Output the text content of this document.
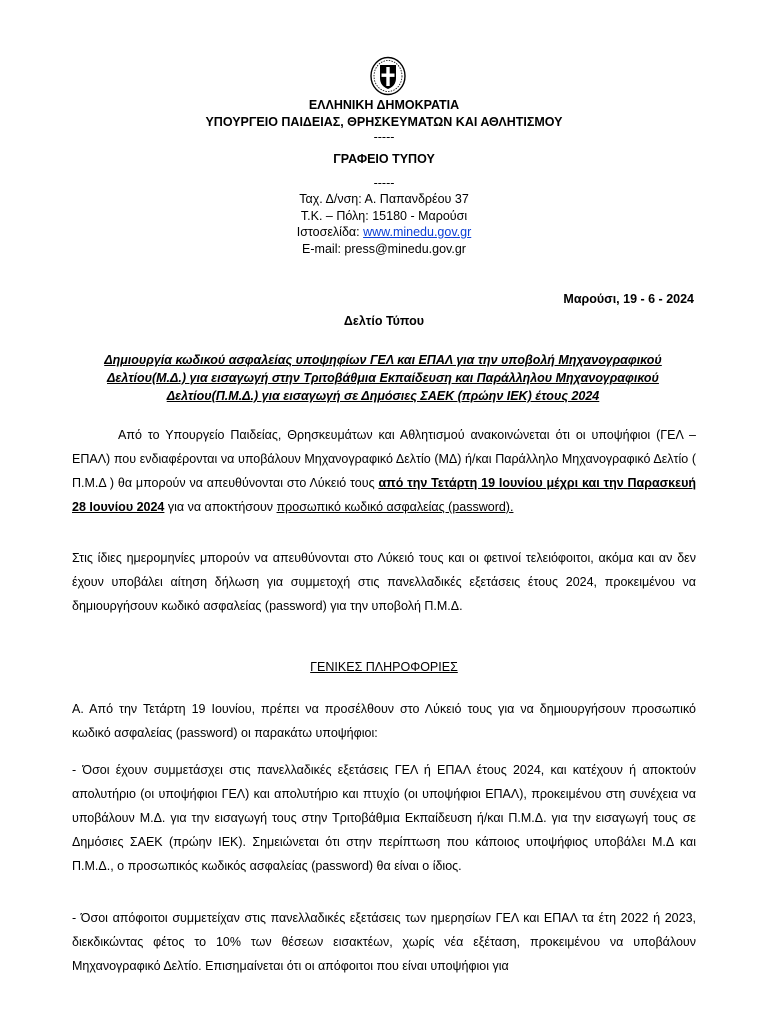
ΕΛΛΗΝΙΚΗ ΔΗΜΟΚΡΑΤΙΑ
ΥΠΟΥΡΓΕΙΟ ΠΑΙΔΕΙΑΣ, ΘΡΗΣΚΕΥΜΑΤΩΝ ΚΑΙ ΑΘΛΗΤΙΣΜΟΥ
-----
ΓΡΑΦΕΙΟ ΤΥΠΟΥ
-----
Ταχ. Δ/νση: Α. Παπανδρέου 37
Τ.Κ. – Πόλη: 15180 - Μαρούσι
Ιστοσελίδα: www.minedu.gov.gr
E-mail: press@minedu.gov.gr
Μαρούσι, 19 - 6 - 2024
Δελτίο Τύπου
Δημιουργία κωδικού ασφαλείας υποψηφίων ΓΕΛ και ΕΠΑΛ για την υποβολή Μηχανογραφικού
Δελτίου(Μ.Δ.) για εισαγωγή στην Τριτοβάθμια Εκπαίδευση και Παράλληλου Μηχανογραφικού
Δελτίου(Π.Μ.Δ.) για εισαγωγή σε Δημόσιες ΣΑΕΚ (πρώην ΙΕΚ) έτους 2024

Από το Υπουργείο Παιδείας, Θρησκευμάτων και Αθλητισμού ανακοινώνεται ότι οι υποψήφιοι (ΓΕΛ – ΕΠΑΛ) που ενδιαφέρονται να υποβάλουν Μηχανογραφικό Δελτίο (ΜΔ) ή/και Παράλληλο Μηχανογραφικό Δελτίο ( Π.Μ.Δ ) θα μπορούν να απευθύνονται στο Λύκειό τους από την Τετάρτη 19 Ιουνίου μέχρι και την Παρασκευή 28 Ιουνίου 2024 για να αποκτήσουν προσωπικό κωδικό ασφαλείας (password).

Στις ίδιες ημερομηνίες μπορούν να απευθύνονται στο Λύκειό τους και οι φετινοί τελειόφοιτοι, ακόμα και αν δεν έχουν υποβάλει αίτηση δήλωση για συμμετοχή στις πανελλαδικές εξετάσεις έτους 2024, προκειμένου να δημιουργήσουν κωδικό ασφαλείας (password) για την υποβολή Π.Μ.Δ.

ΓΕΝΙΚΕΣ ΠΛΗΡΟΦΟΡΙΕΣ

Α. Από την Τετάρτη 19 Ιουνίου, πρέπει να προσέλθουν στο Λύκειό τους για να δημιουργήσουν προσωπικό κωδικό ασφαλείας (password) οι παρακάτω υποψήφιοι:

- Όσοι έχουν συμμετάσχει στις πανελλαδικές εξετάσεις ΓΕΛ ή ΕΠΑΛ έτους 2024, και κατέχουν ή αποκτούν απολυτήριο (οι υποψήφιοι ΓΕΛ) και απολυτήριο και πτυχίο (οι υποψήφιοι ΕΠΑΛ), προκειμένου στη συνέχεια να υποβάλουν Μ.Δ. για την εισαγωγή τους στην Τριτοβάθμια Εκπαίδευση ή/και Π.Μ.Δ. για την εισαγωγή τους σε Δημόσιες ΣΑΕΚ (πρώην ΙΕΚ). Σημειώνεται ότι στην περίπτωση που κάποιος υποψήφιος υποβάλει Μ.Δ και Π.Μ.Δ., ο προσωπικός κωδικός ασφαλείας (password) θα είναι ο ίδιος.

- Όσοι απόφοιτοι συμμετείχαν στις πανελλαδικές εξετάσεις των ημερησίων ΓΕΛ και ΕΠΑΛ τα έτη 2022 ή 2023, διεκδικώντας φέτος το 10% των θέσεων εισακτέων, χωρίς νέα εξέταση, προκειμένου να υποβάλουν Μηχανογραφικό Δελτίο. Επισημαίνεται ότι οι απόφοιτοι που είναι υποψήφιοι για
